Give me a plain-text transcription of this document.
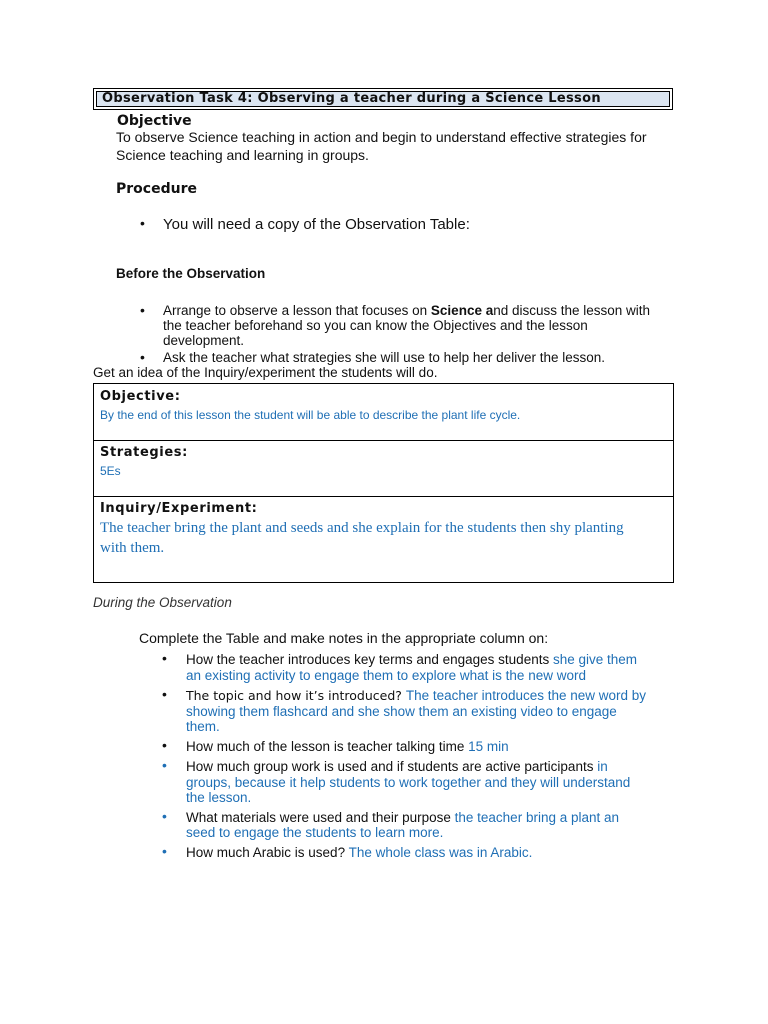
Observation Task 4: Observing a teacher during a Science Lesson
Objective
To observe Science teaching in action and begin to understand effective strategies for
Science teaching and learning in groups.
Procedure
• You will need a copy of the Observation Table:
Before the Observation
• Arrange to observe a lesson that focuses on Science and discuss the lesson with
the teacher beforehand so you can know the Objectives and the lesson
development.
• Ask the teacher what strategies she will use to help her deliver the lesson.
Get an idea of the Inquiry/experiment the students will do.
Objective:
By the end of this lesson the student will be able to describe the plant life cycle.
Strategies:
5Es
Inquiry/Experiment:
The teacher bring the plant and seeds and she explain for the students then shy planting
with them.
During the Observation
Complete the Table and make notes in the appropriate column on:
• How the teacher introduces key terms and engages students she give them
an existing activity to engage them to explore what is the new word
• The topic and how it’s introduced? The teacher introduces the new word by
showing them flashcard and she show them an existing video to engage
them.
• How much of the lesson is teacher talking time 15 min
• How much group work is used and if students are active participants in
groups, because it help students to work together and they will understand
the lesson.
• What materials were used and their purpose the teacher bring a plant an
seed to engage the students to learn more.
• How much Arabic is used? The whole class was in Arabic.
